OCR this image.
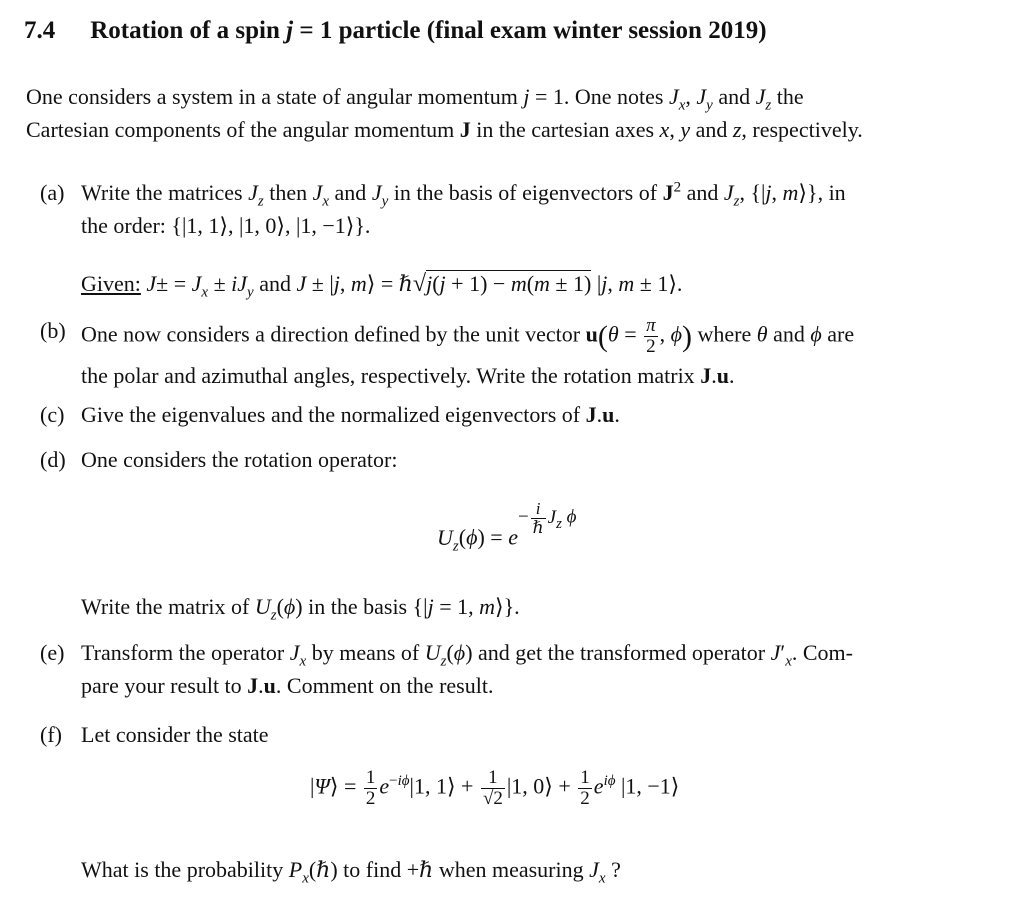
7.4 Rotation of a spin j = 1 particle (final exam winter session 2019)

One considers a system in a state of angular momentum j = 1. One notes $J_x$, $J_y$ and $J_z$ the

Cartesian components of the angular momentum J in the cartesian axes x, y and z, respectively.

(a) Write the matrices $J_z$ then $J_x$ and $J_y$ in the basis of eigenvectors of $J^2$ and $J_z$, {|j, m⟩}, in
the order: {|1, 1⟩, |1, 0⟩, |1, −1⟩}.
Given: $J\pm = J_x \pm iJ_y$ and J ± |j, m⟩ = ℏ√j(j + 1) − m(m ± 1) |j, m ± 1⟩.
(b) One now considers a direction defined by the unit vector $u(\theta = \frac{\pi}{2}$ , ϕ) where θ and ϕ are
the polar and azimuthal angles, respectively. Write the rotation matrix J.u.
(c) Give the eigenvalues and the normalized eigenvectors of J.u.
(d) One considers the rotation operator:
$U_z(\phi) = e- \frac{i}{\text{ℏ}} J_z$ ϕ
Write the matrix of $U_z(\phi)$ in the basis {|j = 1, m⟩}.
(e) Transform the operator $J_x$ by means of $U_z(\phi)$ and get the transformed operator $J'_x$. Com-
pare your result to J.u. Comment on the result.
(f) Let consider the state
|Ψ⟩ = $\frac{1}{2} e^{-i\phi}|1$, 1⟩ + $\frac{1}{√2} |1$, 0⟩ + $\frac{1}{2} e^{i\phi}$ |1, −1⟩
What is the probability $P_x(\hbar)$ to find +ℏ when measuring $J_x$ ?
